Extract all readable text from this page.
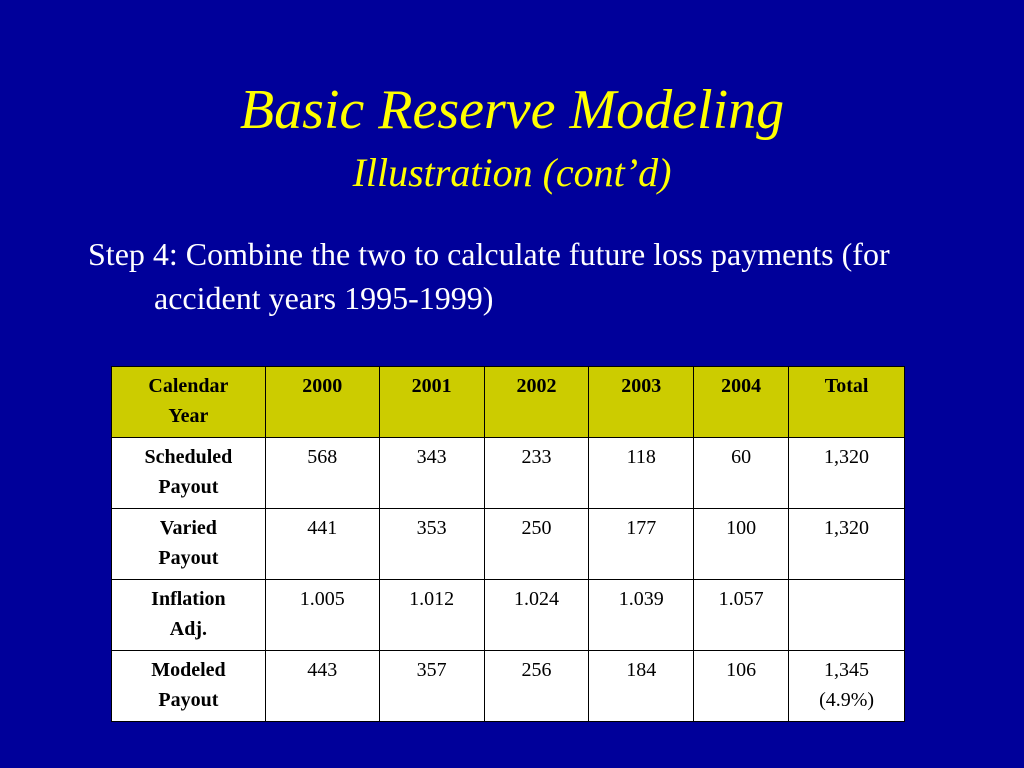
Basic Reserve Modeling
Illustration (cont’d)

Step 4: Combine the two to calculate future loss payments (for accident years 1995-1999)

Calendar
Year	2000	2001	2002	2003	2004	Total
Scheduled
Payout	568	343	233	118	60	1,320
Varied
Payout	441	353	250	177	100	1,320
Inflation
Adj.	1.005	1.012	1.024	1.039	1.057	
Modeled
Payout	443	357	256	184	106	1,345
(4.9%)
